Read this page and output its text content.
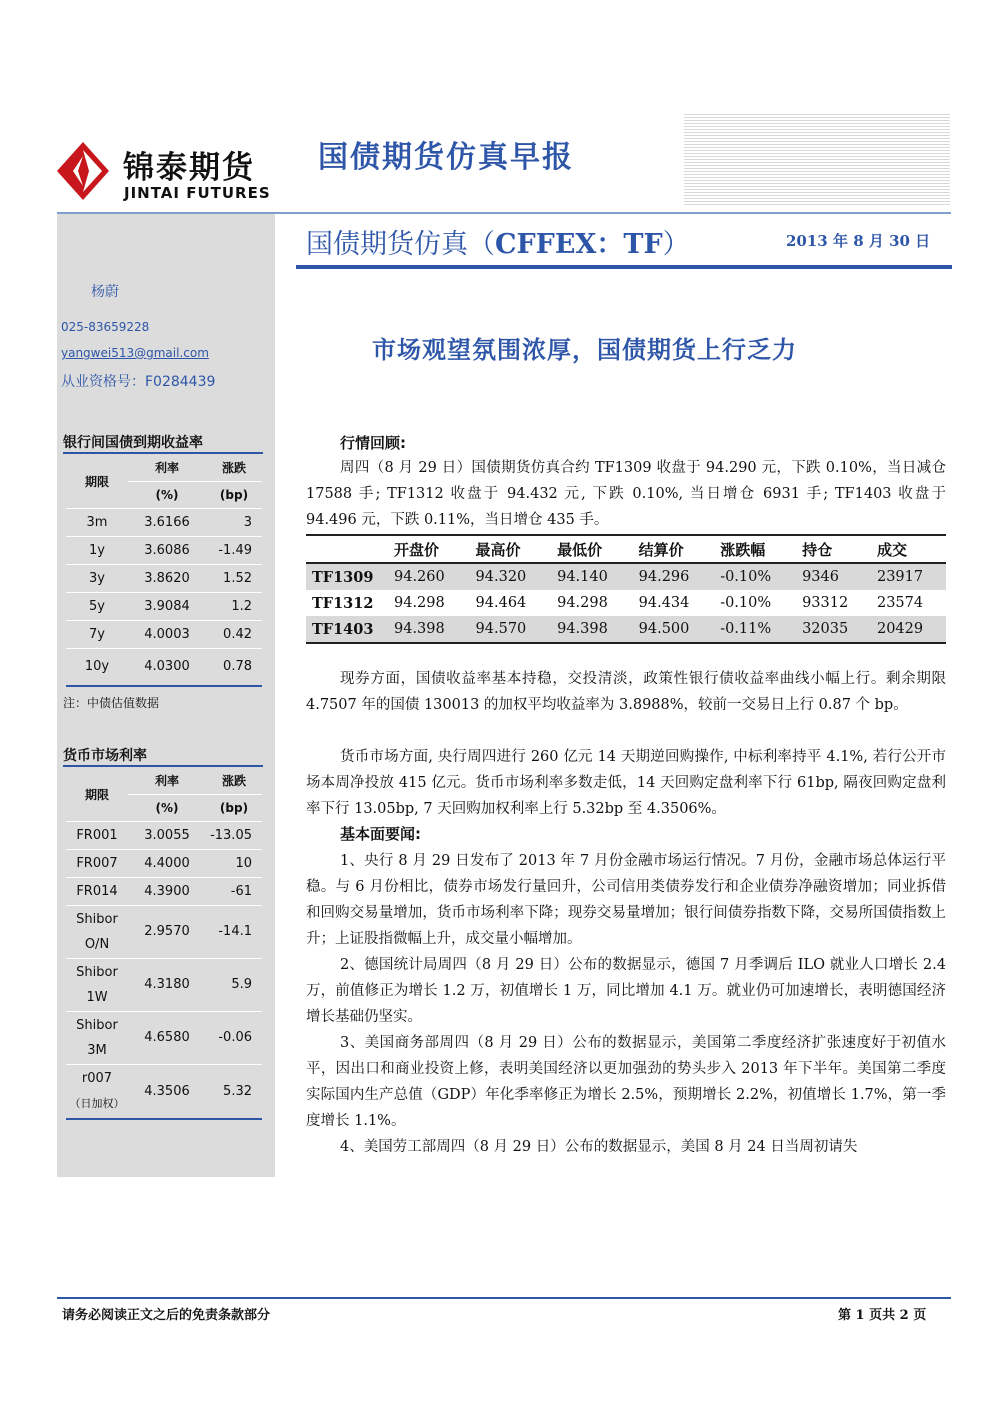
锦泰期货
JINTAI FUTURES
国债期货仿真早报
国债期货仿真（CFFEX：TF）	2013 年 8 月 30 日
杨蔚
025-83659228
yangwei513@gmail.com
从业资格号：F0284439
银行间国债到期收益率
期限	利率	涨跌
	(%)	(bp)
3m	3.6166	3
1y	3.6086	-1.49
3y	3.8620	1.52
5y	3.9084	1.2
7y	4.0003	0.42
10y	4.0300	0.78
注：中债估值数据
货币市场利率
期限	利率	涨跌
	(%)	(bp)
FR001	3.0055	-13.05
FR007	4.4000	10
FR014	4.3900	-61
Shibor
O/N	2.9570	-14.1
Shibor
1W	4.3180	5.9
Shibor
3M	4.6580	-0.06
r007
（日加权）	4.3506	5.32
市场观望氛围浓厚，国债期货上行乏力
行情回顾:
周四（8 月 29 日）国债期货仿真合约 TF1309 收盘于 94.290 元，下跌 0.10%，当日减仓 17588 手; TF1312 收盘于 94.432 元, 下跌 0.10%, 当日增仓 6931 手; TF1403 收盘于 94.496 元，下跌 0.11%，当日增仓 435 手。
	开盘价	最高价	最低价	结算价	涨跌幅	持仓	成交
TF1309	94.260	94.320	94.140	94.296	-0.10%	9346	23917
TF1312	94.298	94.464	94.298	94.434	-0.10%	93312	23574
TF1403	94.398	94.570	94.398	94.500	-0.11%	32035	20429
现券方面，国债收益率基本持稳，交投清淡，政策性银行债收益率曲线小幅上行。剩余期限 4.7507 年的国债 130013 的加权平均收益率为 3.8988%，较前一交易日上行 0.87 个 bp。
货币市场方面, 央行周四进行 260 亿元 14 天期逆回购操作, 中标利率持平 4.1%, 若行公开市场本周净投放 415 亿元。货币市场利率多数走低，14 天回购定盘利率下行 61bp, 隔夜回购定盘利率下行 13.05bp, 7 天回购加权利率上行 5.32bp 至 4.3506%。
基本面要闻:
1、央行 8 月 29 日发布了 2013 年 7 月份金融市场运行情况。7 月份，金融市场总体运行平稳。与 6 月份相比，债券市场发行量回升，公司信用类债券发行和企业债券净融资增加；同业拆借和回购交易量增加，货币市场利率下降；现券交易量增加；银行间债券指数下降，交易所国债指数上升；上证股指微幅上升，成交量小幅增加。
2、德国统计局周四（8 月 29 日）公布的数据显示，德国 7 月季调后 ILO 就业人口增长 2.4 万，前值修正为增长 1.2 万，初值增长 1 万，同比增加 4.1 万。就业仍可加速增长，表明德国经济增长基础仍坚实。
3、美国商务部周四（8 月 29 日）公布的数据显示，美国第二季度经济扩张速度好于初值水平，因出口和商业投资上修，表明美国经济以更加强劲的势头步入 2013 年下半年。美国第二季度实际国内生产总值（GDP）年化季率修正为增长 2.5%，预期增长 2.2%，初值增长 1.7%，第一季度增长 1.1%。
4、美国劳工部周四（8 月 29 日）公布的数据显示，美国 8 月 24 日当周初请失
请务必阅读正文之后的免责条款部分	第 1 页共 2 页
